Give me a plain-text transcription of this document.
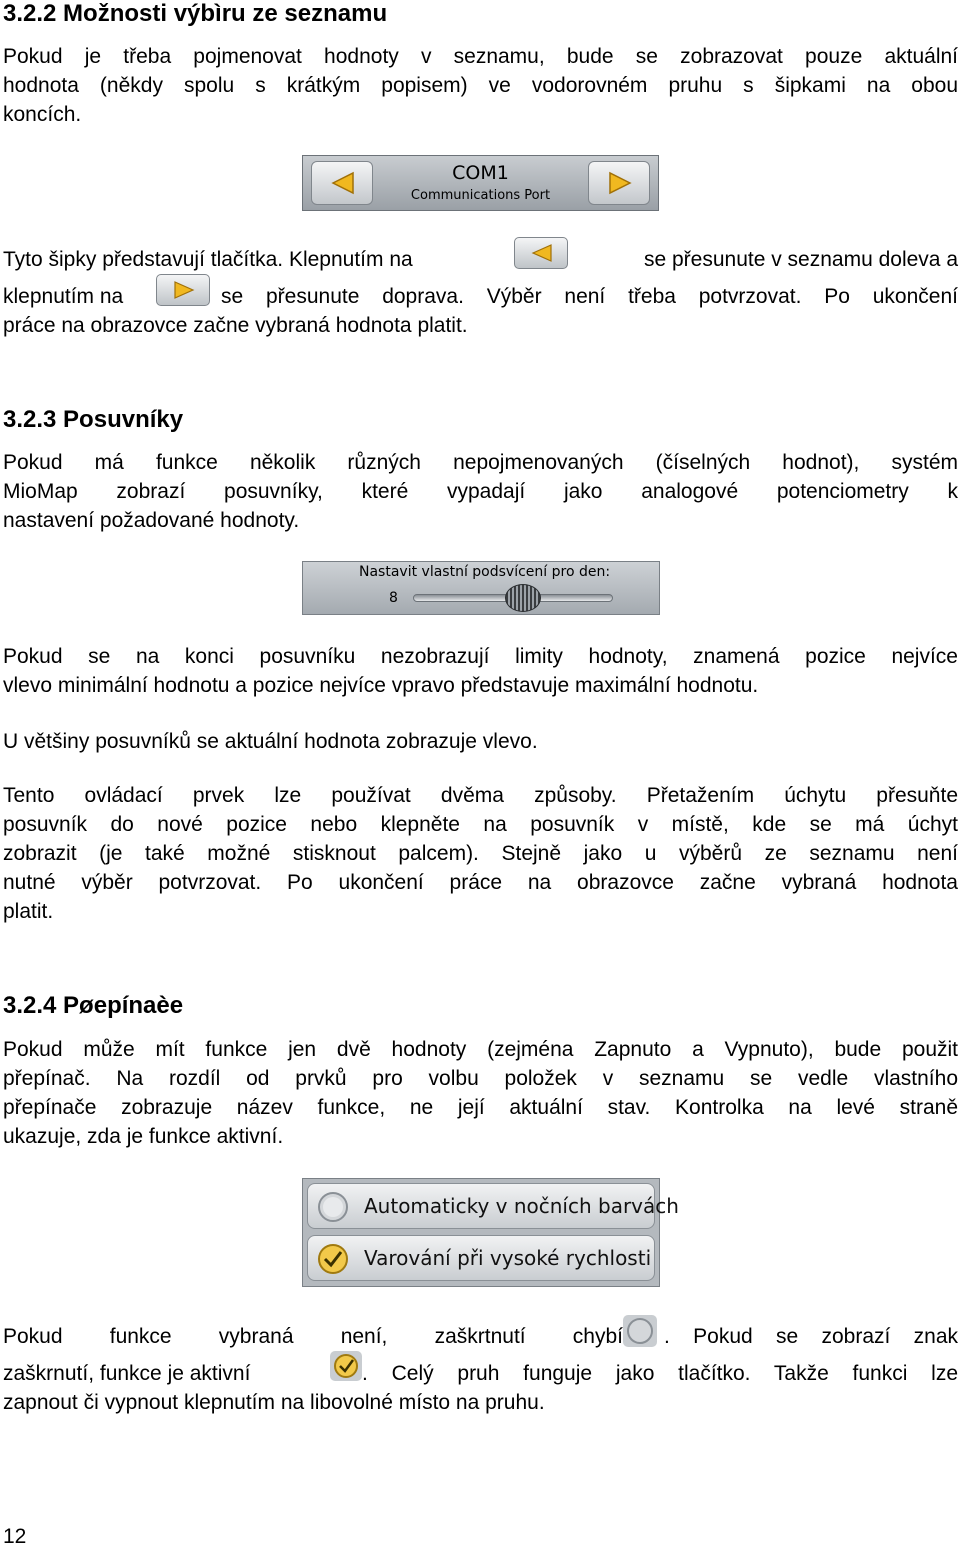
3.2.2 Možnosti výbìru ze seznamu
Pokud je třeba pojmenovat hodnoty v seznamu, bude se zobrazovat pouze aktuální
hodnota (někdy spolu s krátkým popisem) ve vodorovném pruhu s šipkami na obou
koncích.
COM1
Communications Port
Tyto šipky představují tlačítka. Klepnutím na	se přesunute v seznamu doleva a
klepnutím na	se přesunute doprava. Výběr není třeba potvrzovat. Po ukončení
práce na obrazovce začne vybraná hodnota platit.
3.2.3 Posuvníky
Pokud má funkce několik různých nepojmenovaných (číselných hodnot), systém
MioMap zobrazí posuvníky, které vypadají jako analogové potenciometry k
nastavení požadované hodnoty.
Nastavit vlastní podsvícení pro den:
8
Pokud se na konci posuvníku nezobrazují limity hodnoty, znamená pozice nejvíce
vlevo minimální hodnotu a pozice nejvíce vpravo představuje maximální hodnotu.
U většiny posuvníků se aktuální hodnota zobrazuje vlevo.
Tento ovládací prvek lze používat dvěma způsoby. Přetažením úchytu přesuňte
posuvník do nové pozice nebo klepněte na posuvník v místě, kde se má úchyt
zobrazit (je také možné stisknout palcem). Stejně jako u výběrů ze seznamu není
nutné výběr potvrzovat. Po ukončení práce na obrazovce začne vybraná hodnota
platit.
3.2.4 Pøepínaèe
Pokud může mít funkce jen dvě hodnoty (zejména Zapnuto a Vypnuto), bude použit
přepínač. Na rozdíl od prvků pro volbu položek v seznamu se vedle vlastního
přepínače zobrazuje název funkce, ne její aktuální stav. Kontrolka na levé straně
ukazuje, zda je funkce aktivní.
Automaticky v nočních barvách
Varování při vysoké rychlosti
Pokud funkce vybraná není, zaškrtnutí chybí . Pokud se zobrazí znak
zaškrnutí, funkce je aktivní	. Celý pruh funguje jako tlačítko. Takže funkci lze
zapnout či vypnout klepnutím na libovolné místo na pruhu.
12
